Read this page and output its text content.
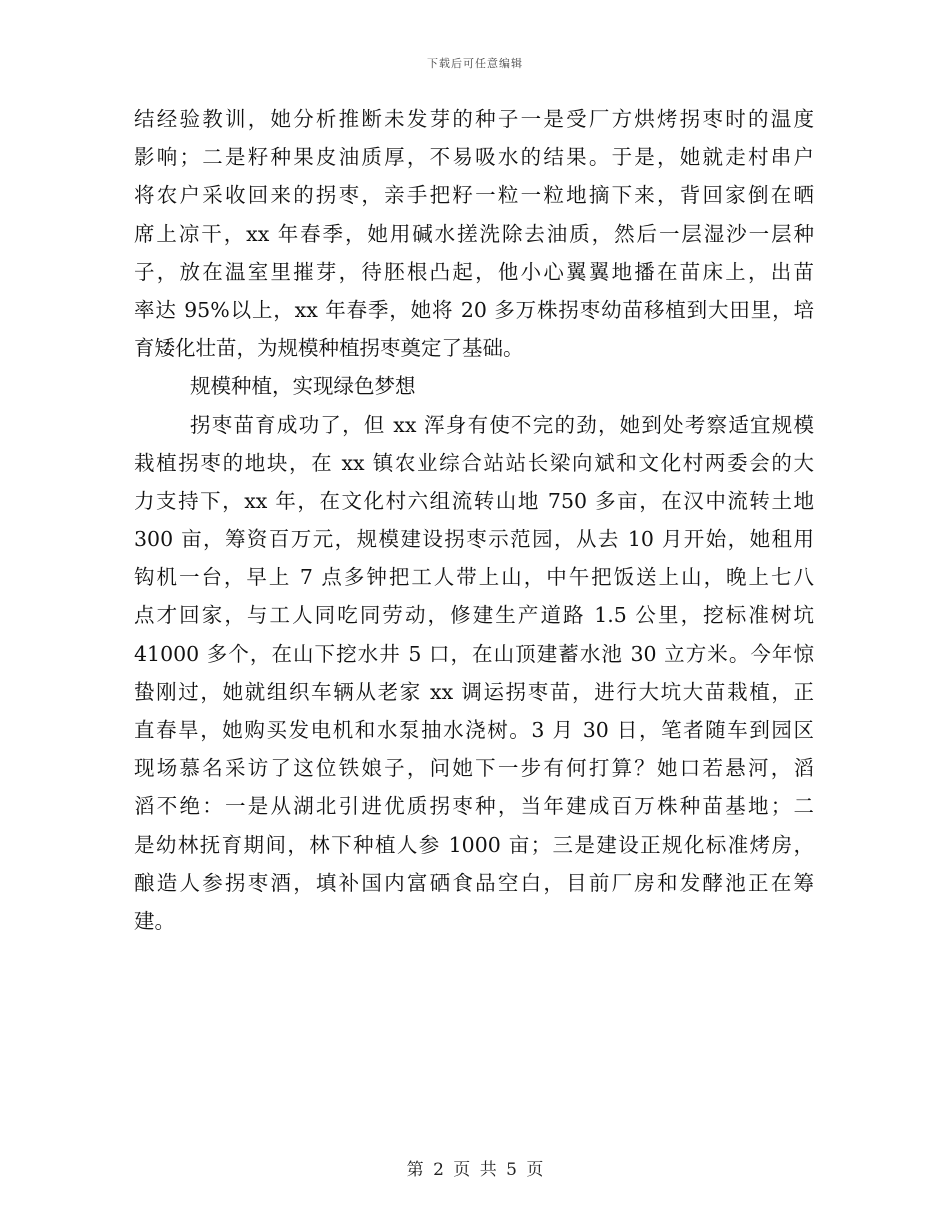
下载后可任意编辑
结经验教训，她分析推断未发芽的种子一是受厂方烘烤拐枣时的温度
影响；二是籽种果皮油质厚，不易吸水的结果。于是，她就走村串户
将农户采收回来的拐枣，亲手把籽一粒一粒地摘下来，背回家倒在晒
席上凉干，xx 年春季，她用碱水搓洗除去油质，然后一层湿沙一层种
子，放在温室里摧芽，待胚根凸起，他小心翼翼地播在苗床上，出苗
率达 95%以上，xx 年春季，她将 20 多万株拐枣幼苗移植到大田里，培
育矮化壮苗，为规模种植拐枣奠定了基础。
规模种植，实现绿色梦想
拐枣苗育成功了，但 xx 浑身有使不完的劲，她到处考察适宜规模
栽植拐枣的地块，在 xx 镇农业综合站站长梁向斌和文化村两委会的大
力支持下，xx 年，在文化村六组流转山地 750 多亩，在汉中流转土地
300 亩，筹资百万元，规模建设拐枣示范园，从去 10 月开始，她租用
钩机一台，早上 7 点多钟把工人带上山，中午把饭送上山，晚上七八
点才回家，与工人同吃同劳动，修建生产道路 1.5 公里，挖标准树坑
41000 多个，在山下挖水井 5 口，在山顶建蓄水池 30 立方米。今年惊
蛰刚过，她就组织车辆从老家 xx 调运拐枣苗，进行大坑大苗栽植，正
直春旱，她购买发电机和水泵抽水浇树。3 月 30 日，笔者随车到园区
现场慕名采访了这位铁娘子，问她下一步有何打算？她口若悬河，滔
滔不绝：一是从湖北引进优质拐枣种，当年建成百万株种苗基地；二
是幼林抚育期间，林下种植人参 1000 亩；三是建设正规化标准烤房，
酿造人参拐枣酒，填补国内富硒食品空白，目前厂房和发酵池正在筹
建。
第 2 页 共 5 页
